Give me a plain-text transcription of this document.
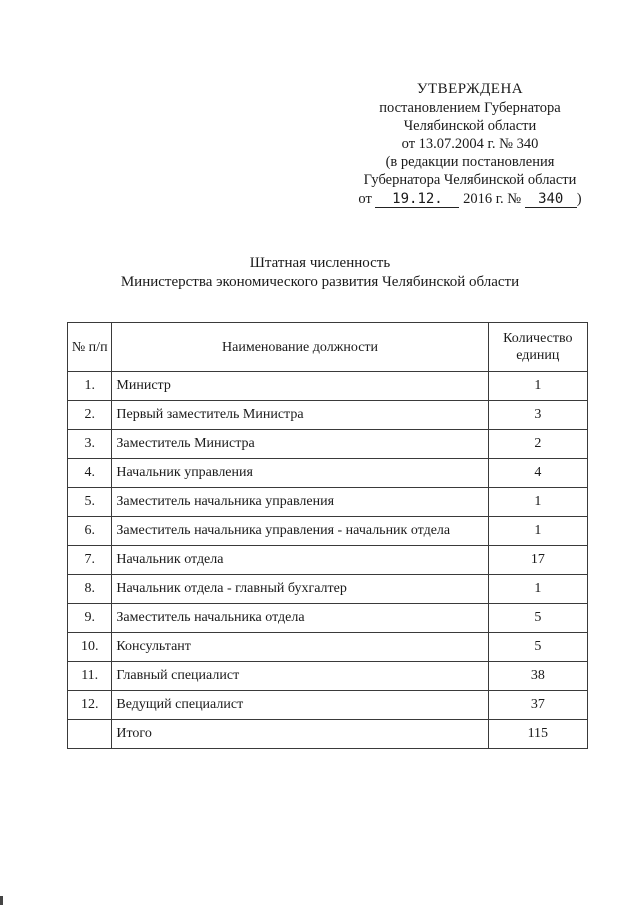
УТВЕРЖДЕНА
постановлением Губернатора
Челябинской области
от 13.07.2004 г. № 340
(в редакции постановления
Губернатора Челябинской области
от 19.12. 2016 г. № 340 )
Штатная численность
Министерства экономического развития Челябинской области
№ п/п	Наименование должности	Количество
единиц

1.	Министр	1
2.	Первый заместитель Министра	3
3.	Заместитель Министра	2
4.	Начальник управления	4
5.	Заместитель начальника управления	1
6.	Заместитель начальника управления - начальник отдела	1
7.	Начальник отдела	17
8.	Начальник отдела - главный бухгалтер	1
9.	Заместитель начальника отдела	5
10.	Консультант	5
11.	Главный специалист	38
12.	Ведущий специалист	37
	Итого	115
